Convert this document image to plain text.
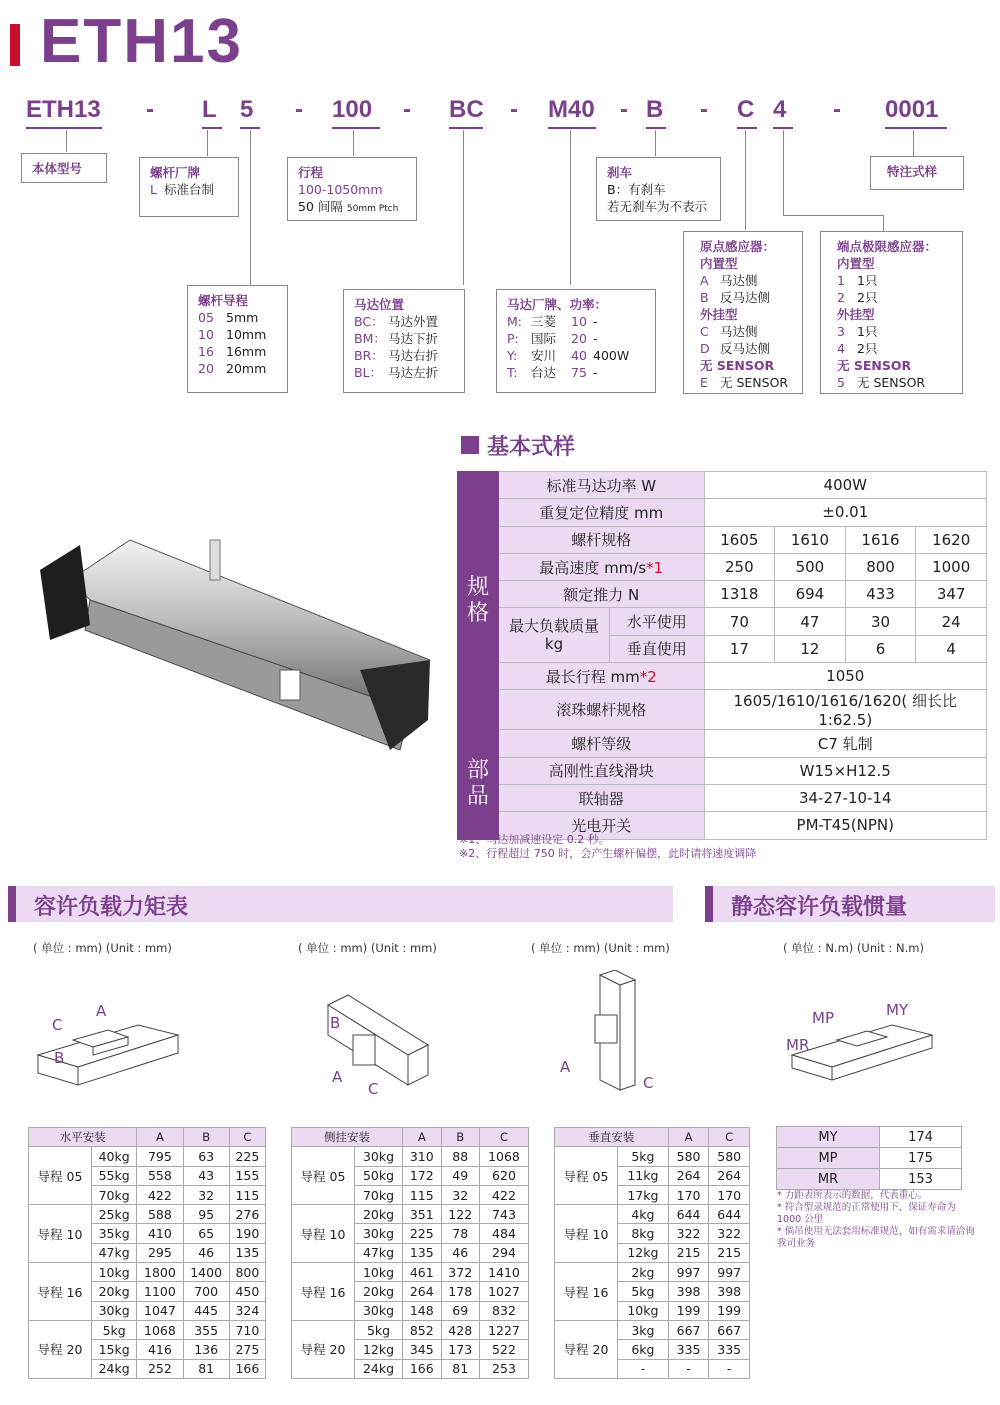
ETH13
ETH13 - L 5 - 100 - BC - M40 - B - C 4 - 0001
本体型号	螺杆厂牌
L 标准台制
行程
100-1050mm
50 间隔 50mm Ptch
刹车
B：有刹车
若无刹车为不表示
特注式样
螺杆导程
05 5mm
10 10mm
16 16mm
20 20mm
马达位置
BC： 马达外置
BM： 马达下折
BR： 马达右折
BL： 马达左折
马达厂牌、功率：
M: 三菱 10 -
P: 国际 20 -
Y: 安川 40 400W
T: 台达 75 -
原点感应器：
内置型
A 马达侧
B 反马达侧
外挂型
C 马达侧
D 反马达侧
无 SENSOR
E 无 SENSOR
端点极限感应器：
内置型
1 1只
2 2只
外挂型
3 1只
4 2只
无 SENSOR
5 无 SENSOR
基本式样
规格	标准马达功率 W		400W			
	重复定位精度 mm		±0.01			
	螺杆规格		1605	1610	1616	1620
	最高速度 mm/s*1		250	500	800	1000
	额定推力 N		1318	694	433	347
	最大负载质量 kg	水平使用	70	47	30	24
		垂直使用	17	12	6	4
	最长行程 mm*2		1050			
	滚珠螺杆规格		1605/1610/1616/1620( 细长比 1:62.5)			

部品	螺杆等级		C7 轧制			
	高刚性直线滑块		W15×H12.5			
	联轴器		34-27-10-14			
	光电开关		PM-T45(NPN)			
※1、马达加减速设定 0.2 秒。
※2、行程超过 750 时，会产生螺杆偏摆，此时请将速度调降
容许负载力矩表	静态容许负载惯量
( 单位 : mm) (Unit : mm)	( 单位 : mm) (Unit : mm)	( 单位 : mm) (Unit : mm)	( 单位 : N.m) (Unit : N.m)
A
B
C	B
A
C
A
C
MP	MY
MR
水平安装		A	B	C
导程 05	40kg	795	63	225
	55kg	558	43	155
	70kg	422	32	115
导程 10	25kg	588	95	276
	35kg	410	65	190
	47kg	295	46	135
导程 16	10kg	1800	1400	800
	20kg	1100	700	450
	30kg	1047	445	324
导程 20	5kg	1068	355	710
	15kg	416	136	275
	24kg	252	81	166
侧挂安装		A	B	C
导程 05	30kg	310	88	1068
	50kg	172	49	620
	70kg	115	32	422
导程 10	20kg	351	122	743
	30kg	225	78	484
	47kg	135	46	294
导程 16	10kg	461	372	1410
	20kg	264	178	1027
	30kg	148	69	832
导程 20	5kg	852	428	1227
	12kg	345	173	522
	24kg	166	81	253
垂直安装		A	C
导程 05	5kg	580	580
	11kg	264	264
	17kg	170	170
导程 10	4kg	644	644
	8kg	322	322
	12kg	215	215
导程 16	2kg	997	997
	5kg	398	398
	10kg	199	199
导程 20	3kg	667	667
	6kg	335	335
	-	-	-
MY	174
MP	175
MR	153
* 力距表所表示的数据，代表重心。
* 符合型录规范的正常使用下，保证寿命为 1000 公里
* 倘吊使用无法套用标准规范，如有需求请洽询我司业务
